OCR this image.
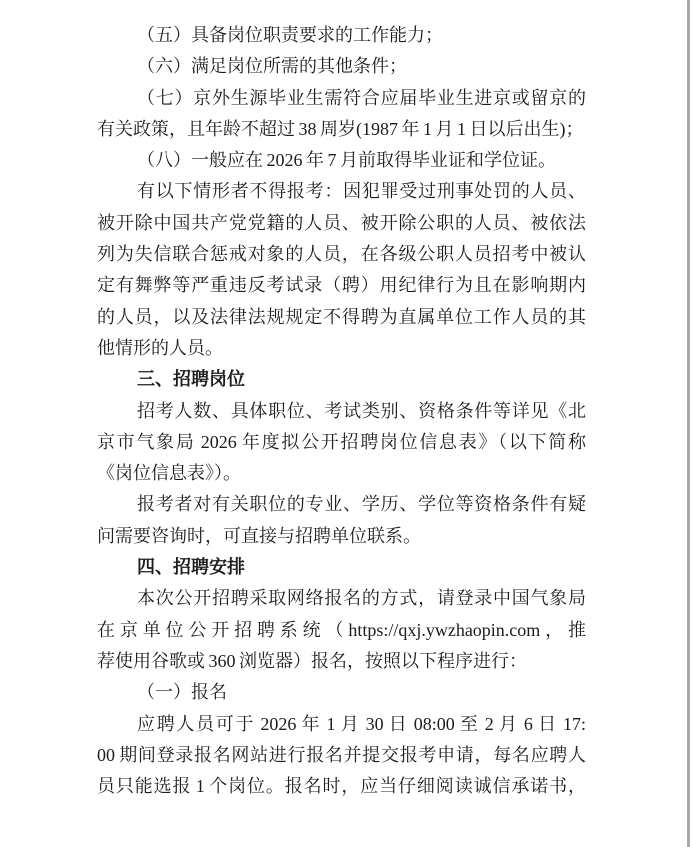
（五）具备岗位职责要求的工作能力；
（六）满足岗位所需的其他条件；
（七）京外生源毕业生需符合应届毕业生进京或留京的
有关政策，且年龄不超过 38 周岁(1987 年 1 月 1 日以后出生)；
（八）一般应在 2026 年 7 月前取得毕业证和学位证。
有以下情形者不得报考：因犯罪受过刑事处罚的人员、
被开除中国共产党党籍的人员、被开除公职的人员、被依法
列为失信联合惩戒对象的人员，在各级公职人员招考中被认
定有舞弊等严重违反考试录（聘）用纪律行为且在影响期内
的人员，以及法律法规规定不得聘为直属单位工作人员的其
他情形的人员。
三、招聘岗位
招考人数、具体职位、考试类别、资格条件等详见《北
京市气象局 2026 年度拟公开招聘岗位信息表》（以下简称
《岗位信息表》）。
报考者对有关职位的专业、学历、学位等资格条件有疑
问需要咨询时，可直接与招聘单位联系。
四、招聘安排
本次公开招聘采取网络报名的方式，请登录中国气象局
在京单位公开招聘系统（https://qxj.ywzhaopin.com，推
荐使用谷歌或 360 浏览器）报名，按照以下程序进行：
（一）报名
应聘人员可于 2026 年 1 月 30 日 08:00 至 2 月 6 日 17:
00 期间登录报名网站进行报名并提交报考申请，每名应聘人
员只能选报 1 个岗位。报名时，应当仔细阅读诚信承诺书，
